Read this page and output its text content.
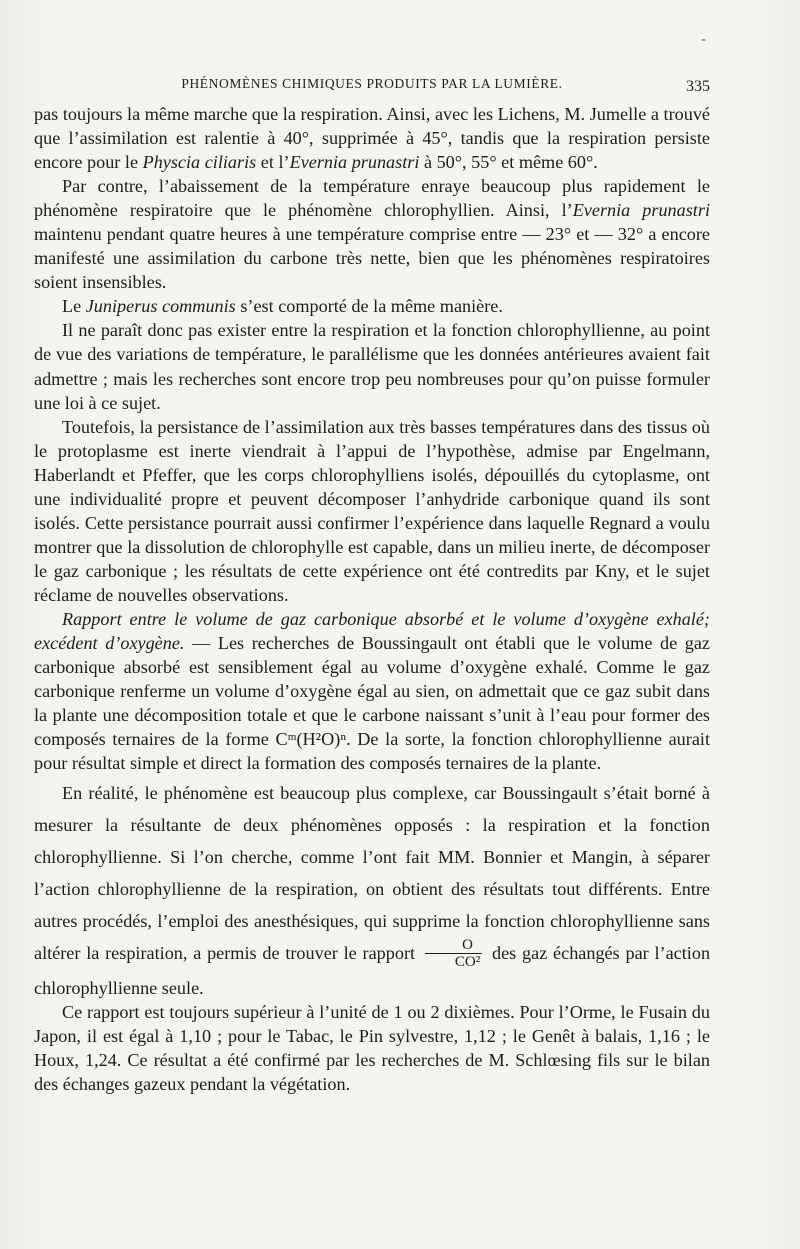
-
PHÉNOMÈNES CHIMIQUES PRODUITS PAR LA LUMIÈRE.	335

pas toujours la même marche que la respiration. Ainsi, avec les Lichens, M. Jumelle a trouvé que l’assimilation est ralentie à 40°, supprimée à 45°, tandis que la respiration persiste encore pour le Physcia ciliaris et l’Evernia prunastri à 50°, 55° et même 60°.

Par contre, l’abaissement de la température enraye beaucoup plus rapidement le phénomène respiratoire que le phénomène chlorophyllien. Ainsi, l’Evernia prunastri maintenu pendant quatre heures à une température comprise entre — 23° et — 32° a encore manifesté une assimilation du carbone très nette, bien que les phénomènes respiratoires soient insensibles.

Le Juniperus communis s’est comporté de la même manière.

Il ne paraît donc pas exister entre la respiration et la fonction chlorophyllienne, au point de vue des variations de température, le parallélisme que les données antérieures avaient fait admettre ; mais les recherches sont encore trop peu nombreuses pour qu’on puisse formuler une loi à ce sujet.

Toutefois, la persistance de l’assimilation aux très basses températures dans des tissus où le protoplasme est inerte viendrait à l’appui de l’hypothèse, admise par Engelmann, Haberlandt et Pfeffer, que les corps chlorophylliens isolés, dépouillés du cytoplasme, ont une individualité propre et peuvent décomposer l’anhydride carbonique quand ils sont isolés. Cette persistance pourrait aussi confirmer l’expérience dans laquelle Regnard a voulu montrer que la dissolution de chlorophylle est capable, dans un milieu inerte, de décomposer le gaz carbonique ; les résultats de cette expérience ont été contredits par Kny, et le sujet réclame de nouvelles observations.

Rapport entre le volume de gaz carbonique absorbé et le volume d’oxygène exhalé; excédent d’oxygène. — Les recherches de Boussingault ont établi que le volume de gaz carbonique absorbé est sensiblement égal au volume d’oxygène exhalé. Comme le gaz carbonique renferme un volume d’oxygène égal au sien, on admettait que ce gaz subit dans la plante une décomposition totale et que le carbone naissant s’unit à l’eau pour former des composés ternaires de la forme Cᵐ(H²O)ⁿ. De la sorte, la fonction chlorophyllienne aurait pour résultat simple et direct la formation des composés ternaires de la plante.

En réalité, le phénomène est beaucoup plus complexe, car Boussingault s’était borné à mesurer la résultante de deux phénomènes opposés : la respiration et la fonction chlorophyllienne. Si l’on cherche, comme l’ont fait MM. Bonnier et Mangin, à séparer l’action chlorophyllienne de la respiration, on obtient des résultats tout différents. Entre autres procédés, l’emploi des anesthésiques, qui supprime la fonction chlorophyllienne sans altérer la respiration, a permis de trouver le rapport $\frac{O}{\text{CO²}}$ des gaz échangés par l’action chlorophyllienne seule.

Ce rapport est toujours supérieur à l’unité de 1 ou 2 dixièmes. Pour l’Orme, le Fusain du Japon, il est égal à 1,10 ; pour le Tabac, le Pin sylvestre, 1,12 ; le Genêt à balais, 1,16 ; le Houx, 1,24. Ce résultat a été confirmé par les recherches de M. Schlœsing fils sur le bilan des échanges gazeux pendant la végétation.
